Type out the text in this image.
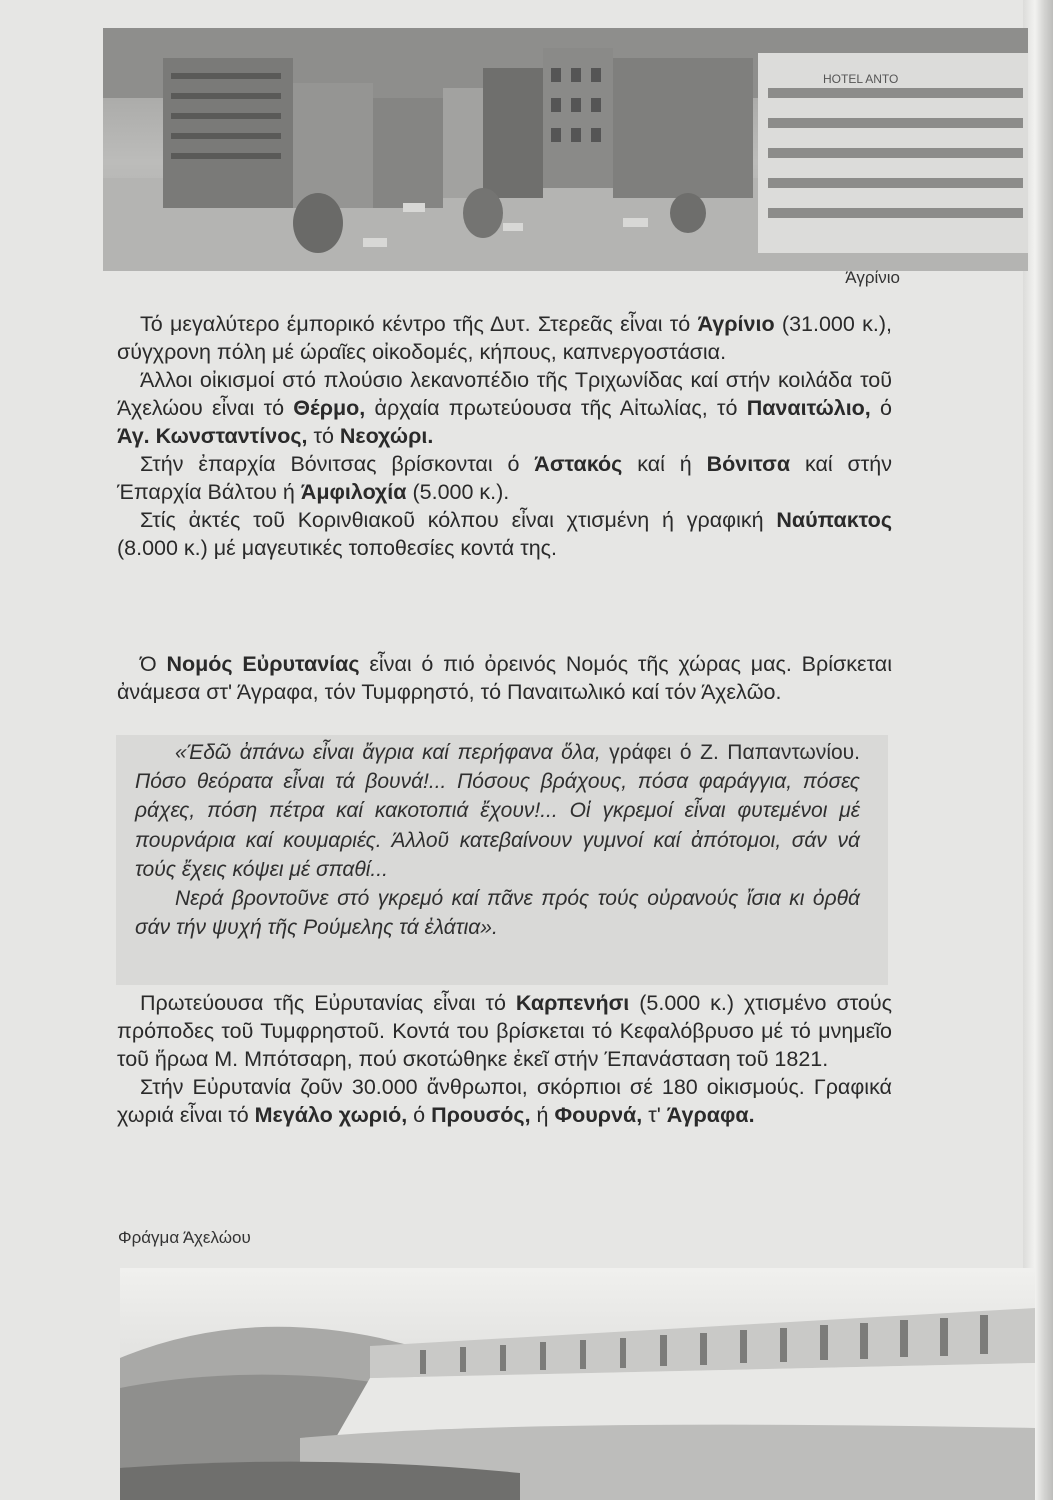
HOTEL ANTO
Άγρίνιο

Τό μεγαλύτερο έμπορικό κέντρο τῆς Δυτ. Στερεᾶς εἶναι τό Άγρίνιο (31.000 κ.), σύγχρονη πόλη μέ ώραῖες οἰκοδομές, κήπους, καπνεργοστάσια.

Άλλοι οἰκισμοί στό πλούσιο λεκανοπέδιο τῆς Τριχωνίδας καί στήν κοιλάδα τοῦ Άχελώου εἶναι τό Θέρμο, ἀρχαία πρωτεύουσα τῆς Αἰτωλίας, τό Παναιτώλιο, ό Άγ. Κωνσταντίνος, τό Νεοχώρι.

Στήν ἐπαρχία Βόνιτσας βρίσκονται ό Άστακός καί ή Βόνιτσα καί στήν Έπαρχία Βάλτου ή Άμφιλοχία (5.000 κ.).

Στίς ἀκτές τοῦ Κορινθιακοῦ κόλπου εἶναι χτισμένη ή γραφική Ναύπακτος (8.000 κ.) μέ μαγευτικές τοποθεσίες κοντά της.

Ό Νομός Εὐρυτανίας εἶναι ό πιό ὀρεινός Νομός τῆς χώρας μας. Βρίσκεται ἀνάμεσα στ' Άγραφα, τόν Τυμφρηστό, τό Παναιτωλικό καί τόν Άχελῶο.

«Έδῶ ἀπάνω εἶναι ἄγρια καί περήφανα ὅλα, γράφει ό Ζ. Παπαντωνίου. Πόσο θεόρατα εἶναι τά βουνά!... Πόσους βράχους, πόσα φαράγγια, πόσες ράχες, πόση πέτρα καί κακοτοπιά ἔχουν!... Οἱ γκρεμοί εἶναι φυτεμένοι μέ πουρνάρια καί κουμαριές. Άλλοῦ κατεβαίνουν γυμνοί καί ἀπότομοι, σάν νά τούς ἔχεις κόψει μέ σπαθί...

Νερά βροντοῦνε στό γκρεμό καί πᾶνε πρός τούς οὐρανούς ἴσια κι ὀρθά σάν τήν ψυχή τῆς Ρούμελης τά ἐλάτια».

Πρωτεύουσα τῆς Εὐρυτανίας εἶναι τό Καρπενήσι (5.000 κ.) χτισμένο στούς πρόποδες τοῦ Τυμφρηστοῦ. Κοντά του βρίσκεται τό Κεφαλόβρυσο μέ τό μνημεῖο τοῦ ἥρωα Μ. Μπότσαρη, πού σκοτώθηκε ἐκεῖ στήν Έπανάσταση τοῦ 1821.

Στήν Εὐρυτανία ζοῦν 30.000 ἄνθρωποι, σκόρπιοι σέ 180 οἰκισμούς. Γραφικά χωριά εἶναι τό Μεγάλο χωριό, ό Προυσός, ή Φουρνά, τ' Άγραφα.

Φράγμα Άχελώου
